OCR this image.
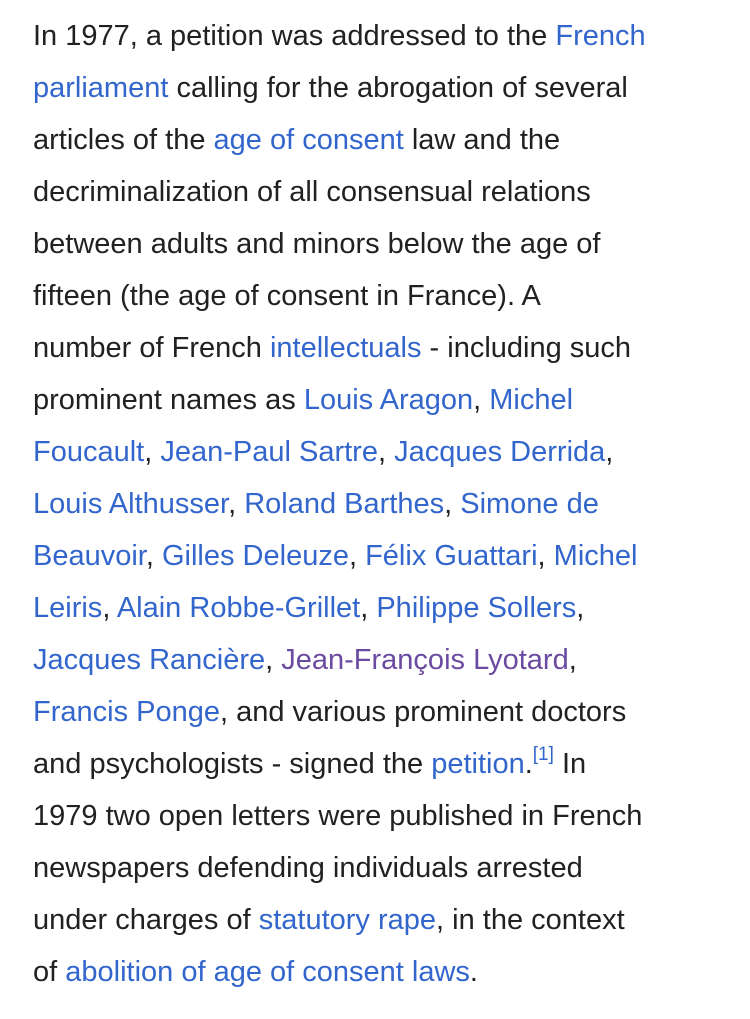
In 1977, a petition was addressed to the French
parliament calling for the abrogation of several
articles of the age of consent law and the
decriminalization of all consensual relations
between adults and minors below the age of
fifteen (the age of consent in France). A
number of French intellectuals - including such
prominent names as Louis Aragon, Michel
Foucault, Jean-Paul Sartre, Jacques Derrida,
Louis Althusser, Roland Barthes, Simone de
Beauvoir, Gilles Deleuze, Félix Guattari, Michel
Leiris, Alain Robbe-Grillet, Philippe Sollers,
Jacques Rancière, Jean-François Lyotard,
Francis Ponge, and various prominent doctors
and psychologists - signed the petition.[1] In
1979 two open letters were published in French
newspapers defending individuals arrested
under charges of statutory rape, in the context
of abolition of age of consent laws.
